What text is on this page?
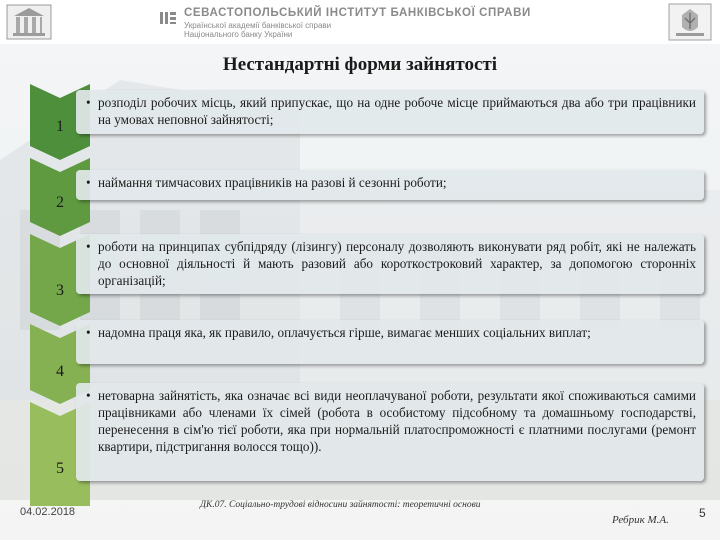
СЕВАСТОПОЛЬСЬКИЙ ІНСТИТУТ БАНКІВСЬКОЇ СПРАВИ
Української академії банківської справи
Національного банку України
Нестандартні форми зайнятості
1
2
3
4
5
• розподіл робочих місць, який припускає, що на одне робоче місце приймаються два або три працівники на умовах неповної зайнятості;
• наймання тимчасових працівників на разові й сезонні роботи;
• роботи на принципах субпідряду (лізингу) персоналу дозволяють виконувати ряд робіт, які не належать до основної діяльності й мають разовий або короткостроковий характер, за допомогою сторонніх організацій;
• надомна праця яка, як правило, оплачується гірше, вимагає менших соціальних виплат;
• нетоварна зайнятість, яка означає всі види неоплачуваної роботи, результати якої споживаються самими працівниками або членами їх сімей (робота в особистому підсобному та домашньому господарстві, перенесення в сім'ю тієї роботи, яка при нормальній платоспроможності є платними послугами (ремонт квартири, підстригання волосся тощо)).
04.02.2018
ДК.07. Соціально-трудові відносини зайнятості: теоретичні основи
Ребрик М.А.	5
